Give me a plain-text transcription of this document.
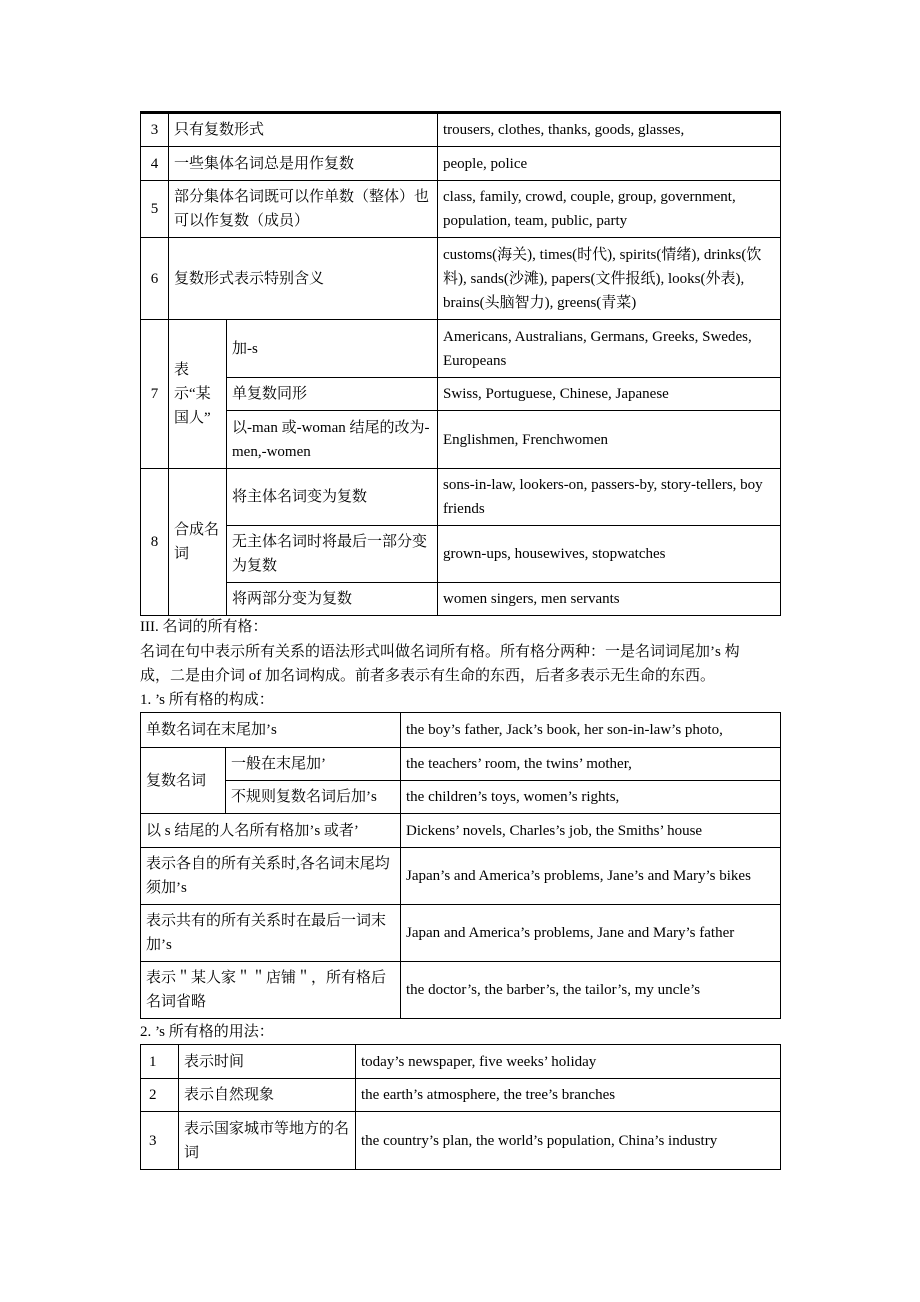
3	只有复数形式		trousers, clothes, thanks, goods, glasses,
4	一些集体名词总是用作复数		people, police
5	部分集体名词既可以作单数（整体）也可以作复数（成员）		class, family, crowd, couple, group, government, population, team, public, party
6	复数形式表示特别含义		customs(海关), times(时代), spirits(情绪), drinks(饮料), sands(沙滩), papers(文件报纸), looks(外表), brains(头脑智力), greens(青菜)
7	表示“某国人”	加-s	Americans, Australians, Germans, Greeks, Swedes, Europeans
		单复数同形	Swiss, Portuguese, Chinese, Japanese
		以-man 或-woman 结尾的改为-men,-women	Englishmen, Frenchwomen
8	合成名词	将主体名词变为复数	sons-in-law, lookers-on, passers-by, story-tellers, boy friends
		无主体名词时将最后一部分变为复数	grown-ups, housewives, stopwatches
		将两部分变为复数	women singers, men servants
III. 名词的所有格：
名词在句中表示所有关系的语法形式叫做名词所有格。所有格分两种：一是名词词尾加’s 构
成，二是由介词 of 加名词构成。前者多表示有生命的东西，后者多表示无生命的东西。
1. ’s 所有格的构成：
单数名词在末尾加’s		the boy’s father, Jack’s book, her son-in-law’s photo,
复数名词	一般在末尾加’	the teachers’ room, the twins’ mother,
	不规则复数名词后加’s	the children’s toys, women’s rights,
以 s 结尾的人名所有格加’s 或者’		Dickens’ novels, Charles’s job, the Smiths’ house
表示各自的所有关系时,各名词末尾均须加’s		Japan’s and America’s problems, Jane’s and Mary’s bikes
表示共有的所有关系时在最后一词末加’s		Japan and America’s problems, Jane and Mary’s father
表示＂某人家＂＂店铺＂，所有格后名词省略		the doctor’s, the barber’s, the tailor’s, my uncle’s
2. ’s 所有格的用法：
1	表示时间	today’s newspaper, five weeks’ holiday
2	表示自然现象	the earth’s atmosphere, the tree’s branches
3	表示国家城市等地方的名词	the country’s plan, the world’s population, China’s industry
